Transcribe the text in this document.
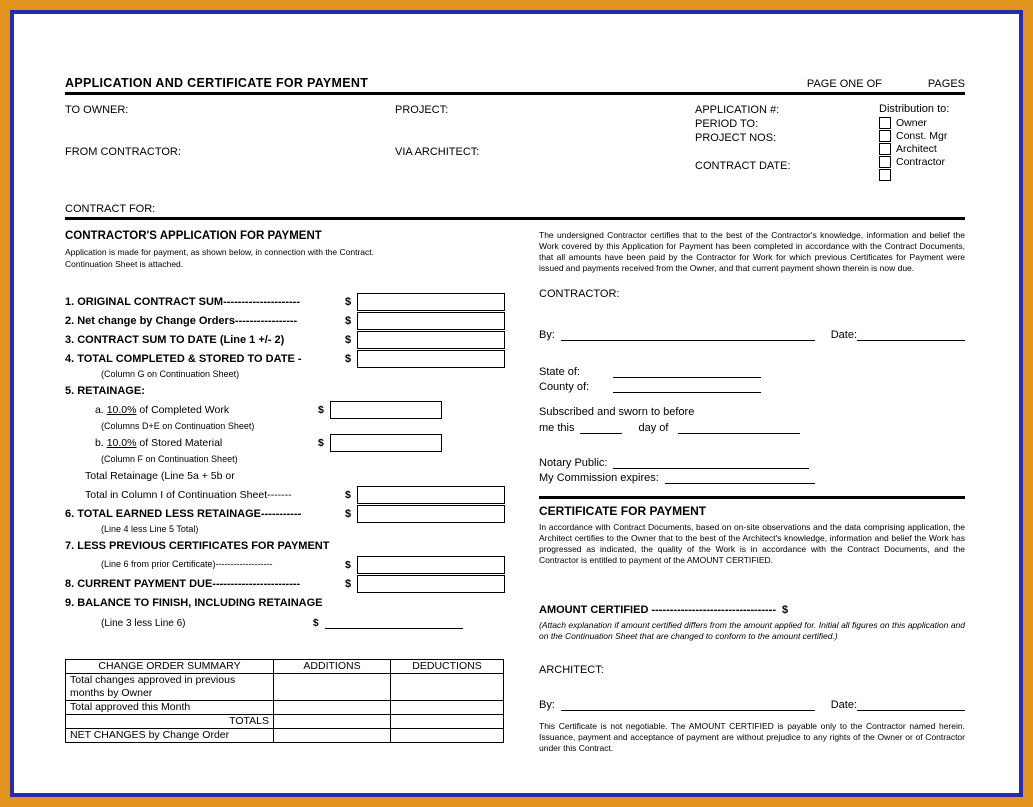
APPLICATION AND CERTIFICATE FOR PAYMENT	PAGE ONE OF	PAGES
TO OWNER:
FROM CONTRACTOR:
PROJECT:
VIA ARCHITECT:
APPLICATION #:
PERIOD TO:
PROJECT NOS:
CONTRACT DATE:
Distribution to:
Owner
Const. Mgr
Architect
Contractor
CONTRACT FOR:
CONTRACTOR'S APPLICATION FOR PAYMENT
Application is made for payment, as shown below, in connection with the Contract.
Continuation Sheet is attached.
1. ORIGINAL CONTRACT SUM---------------------	$
2. Net change by Change Orders-----------------	$
3. CONTRACT SUM TO DATE (Line 1 +/- 2)	$
4. TOTAL COMPLETED & STORED TO DATE -	$
(Column G on Continuation Sheet)
5. RETAINAGE:
a. 10.0% of Completed Work	$
(Columns D+E on Continuation Sheet)
b. 10.0% of Stored Material	$
(Column F on Continuation Sheet)
Total Retainage (Line 5a + 5b or
Total in Column I of Continuation Sheet-------	$
6. TOTAL EARNED LESS RETAINAGE-----------	$
(Line 4 less Line 5 Total)
7. LESS PREVIOUS CERTIFICATES FOR PAYMENT
(Line 6 from prior Certificate)-------------------	$
8. CURRENT PAYMENT DUE------------------------	$
9. BALANCE TO FINISH, INCLUDING RETAINAGE
(Line 3 less Line 6)	$
CHANGE ORDER SUMMARY	ADDITIONS	DEDUCTIONS
Total changes approved in previous months by Owner		
Total approved this Month		
TOTALS		
NET CHANGES by Change Order		
The undersigned Contractor certifies that to the best of the Contractor's knowledge, information and belief the Work covered by this Application for Payment has been completed in accordance with the Contract Documents, that all amounts have been paid by the Contractor for Work for which previous Certificates for Payment were issued and payments received from the Owner, and that current payment shown therein is now due.
CONTRACTOR:
By:	Date:
State of:
County of:
Subscribed and sworn to before
me this	day of
Notary Public:
My Commission expires:
CERTIFICATE FOR PAYMENT
In accordance with Contract Documents, based on on-site observations and the data comprising application, the Architect certifies to the Owner that to the best of the Architect's knowledge, information and belief the Work has progressed as indicated, the quality of the Work is in accordance with the Contract Documents, and the Contractor is entitled to payment of the AMOUNT CERTIFIED.
AMOUNT CERTIFIED ---------------------------------- $
(Attach explanation if amount certified differs from the amount applied for. Initial all figures on this application and on the Continuation Sheet that are changed to conform to the amount certified.)
ARCHITECT:
By:	Date:
This Certificate is not negotiable. The AMOUNT CERTIFIED is payable only to the Contractor named herein. Issuance, payment and acceptance of payment are without prejudice to any rights of the Owner or of Contractor under this Contract.
